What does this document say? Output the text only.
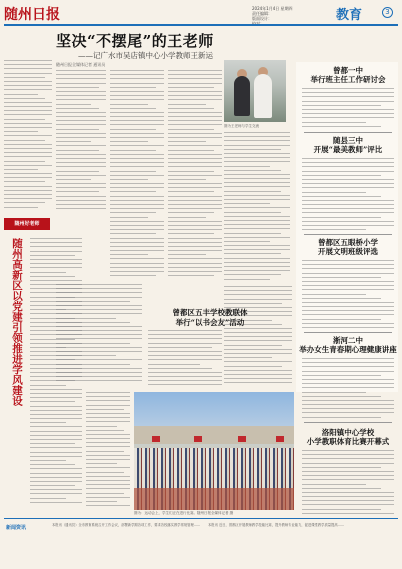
随州日报	2024年1月4日 星期四
责任编辑：
版面设计：	教育	3
坚决“不摆尾”的王老师
——记广水市吴店镇中心小学教师王新运
随州日报全媒体记者 通讯员
图为王老师与学生交流
曾都一中
举行班主任工作研讨会
随县三中
开展“最美教师”评比
曾都区五眼桥小学
开展文明班级评选
淅河二中
举办女生青春期心理健康讲座
洛阳镇中心学校
小学教职体育比赛开幕式
曾都区五丰学校教联体
举行“以书会友”活动
随州好老师
随州高新区以党建引领推进学风建设
图为：运动会上，学生们正在进行比赛。随州日报全媒体记者 摄
新闻资讯	本报讯（通讯员）全市教育系统召开工作会议，部署新学期各项工作，要求各校落实教学常规管理……	本报讯 近日，曾都区开展教师教学技能比赛，提升教师专业能力，促进课堂教学质量提高……
